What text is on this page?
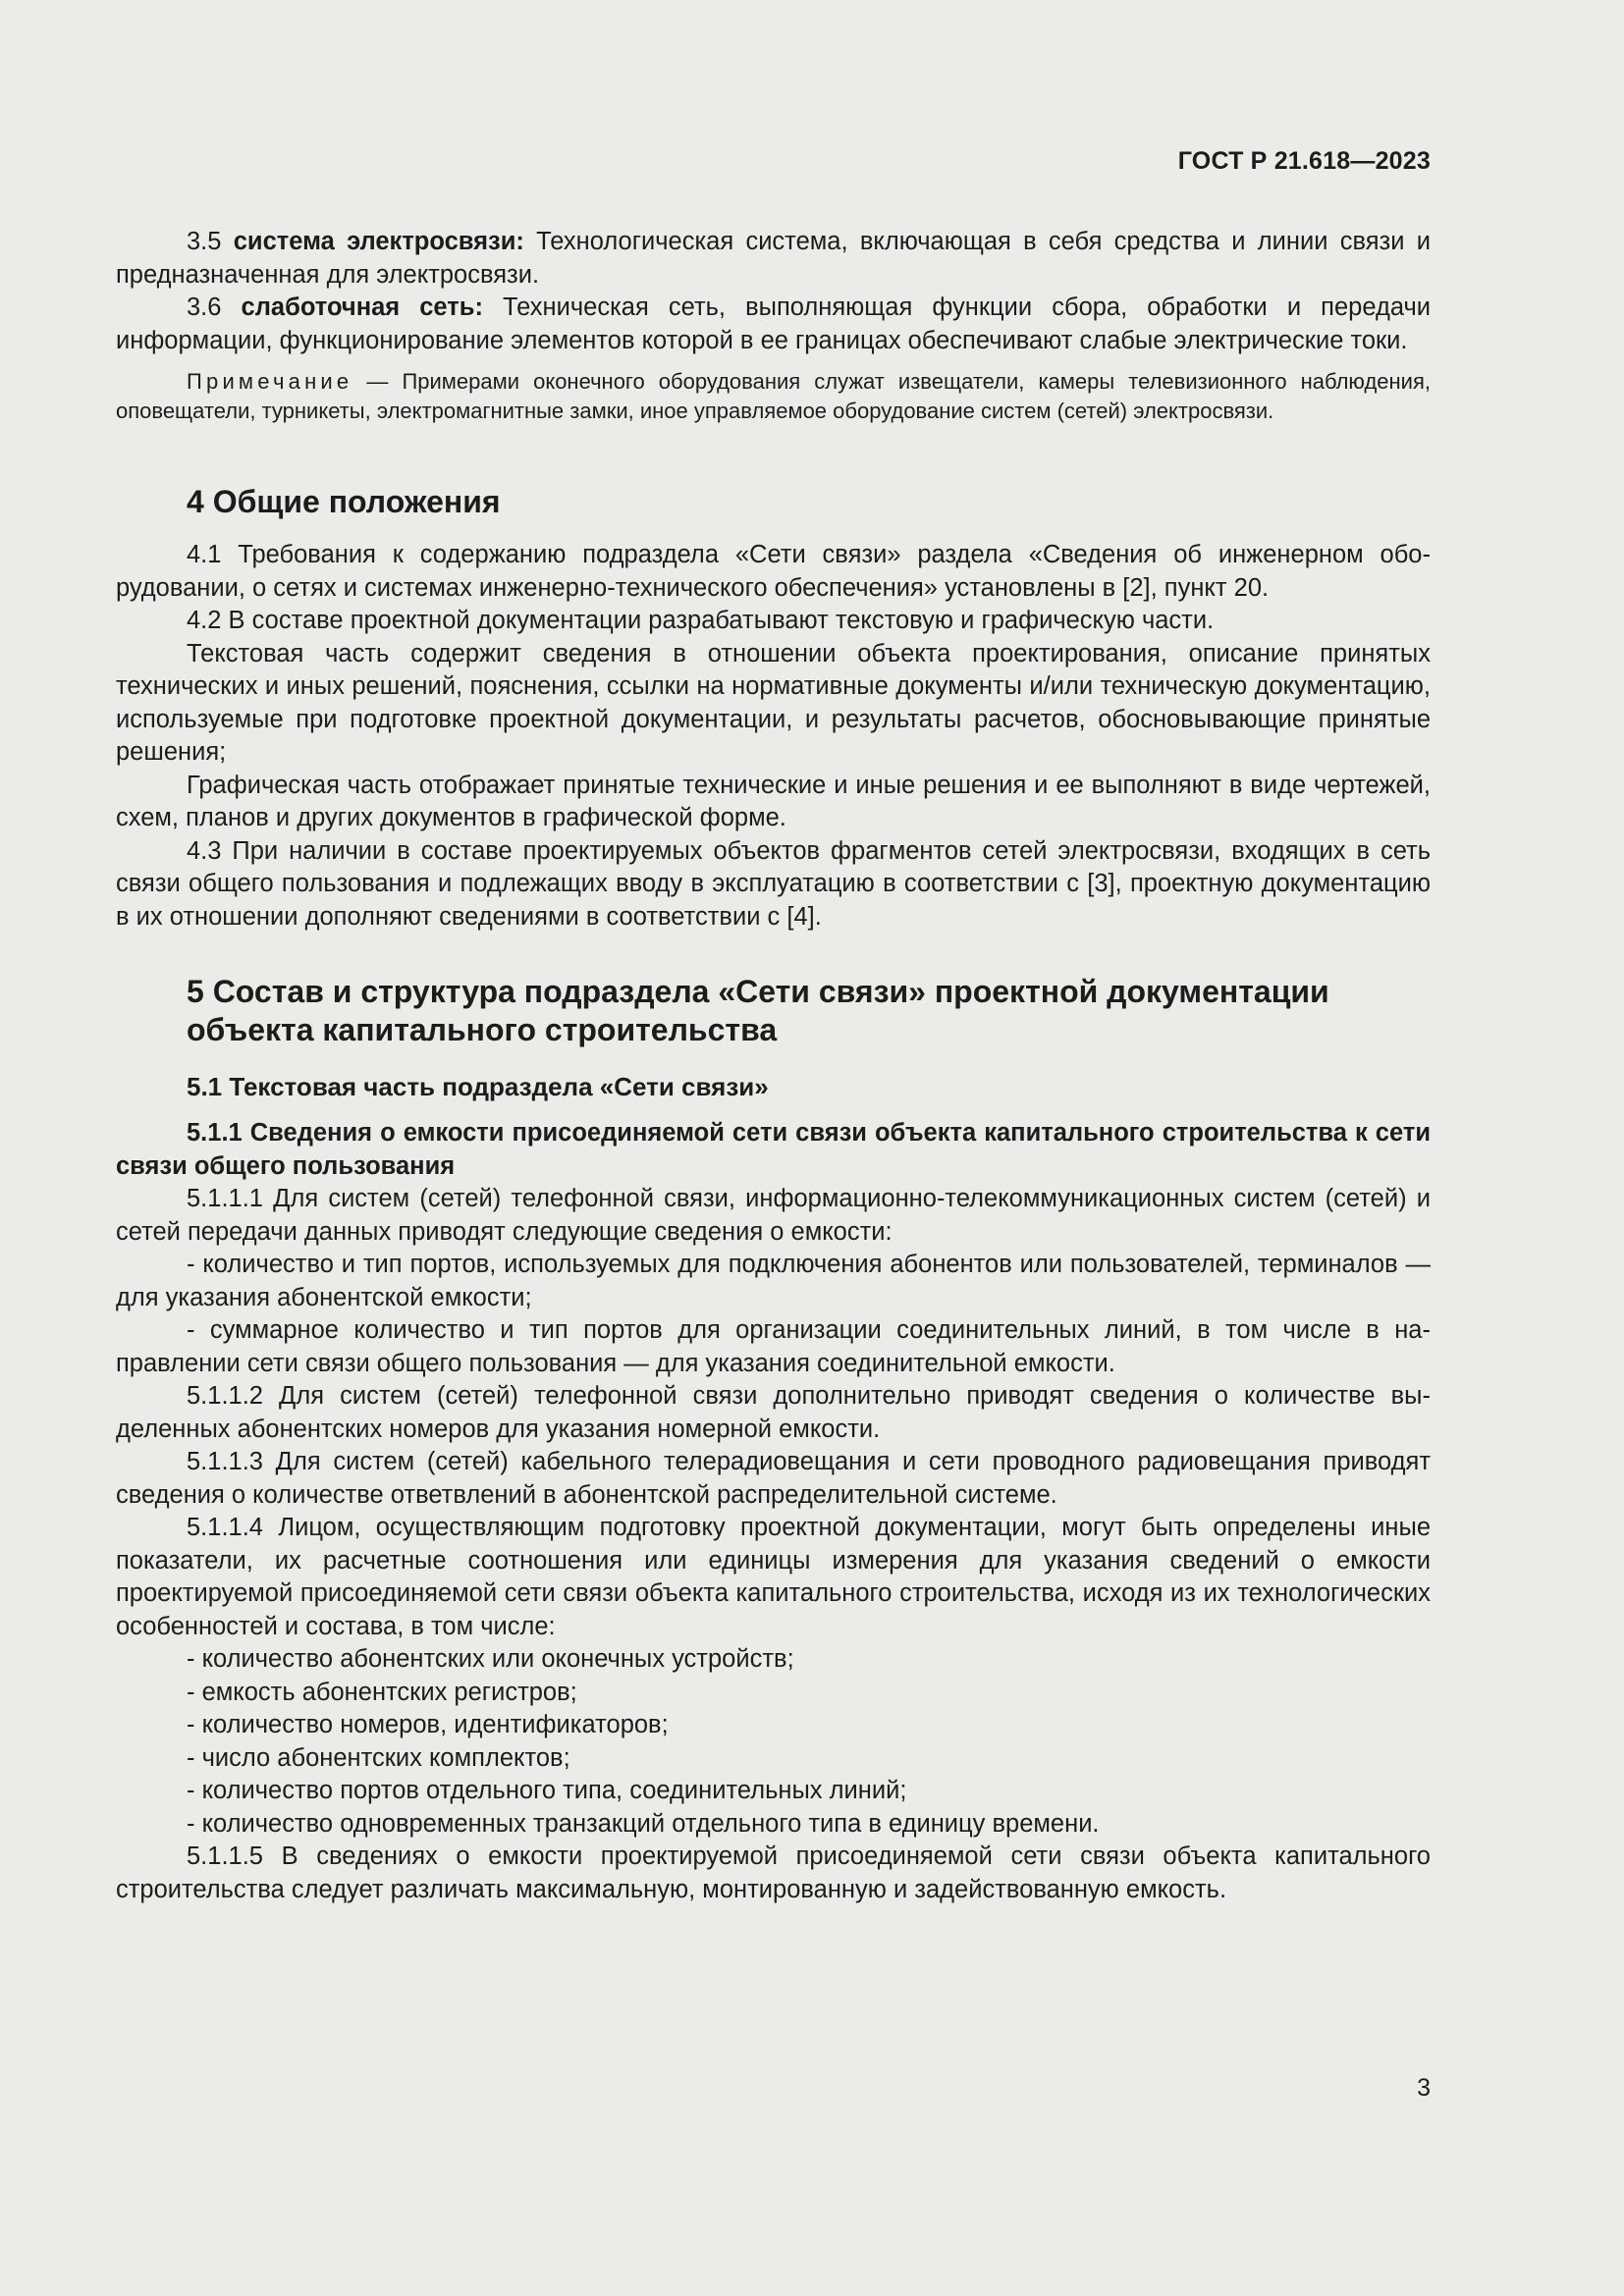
ГОСТ Р 21.618—2023

3.5 система электросвязи: Технологическая система, включающая в себя средства и линии связи и предназначенная для электросвязи.

3.6 слаботочная сеть: Техническая сеть, выполняющая функции сбора, обработки и передачи информации, функционирование элементов которой в ее границах обеспечивают слабые электрические токи.

Примечание — Примерами оконечного оборудования служат извещатели, камеры телевизионного наблюдения, оповещатели, турникеты, электромагнитные замки, иное управляемое оборудование систем (сетей) электросвязи.

4 Общие положения

4.1 Требования к содержанию подраздела «Сети связи» раздела «Сведения об инженерном оборудовании, о сетях и системах инженерно-технического обеспечения» установлены в [2], пункт 20.

4.2 В составе проектной документации разрабатывают текстовую и графическую части.

Текстовая часть содержит сведения в отношении объекта проектирования, описание принятых технических и иных решений, пояснения, ссылки на нормативные документы и/или техническую документацию, используемые при подготовке проектной документации, и результаты расчетов, обосновывающие принятые решения;

Графическая часть отображает принятые технические и иные решения и ее выполняют в виде чертежей, схем, планов и других документов в графической форме.

4.3 При наличии в составе проектируемых объектов фрагментов сетей электросвязи, входящих в сеть связи общего пользования и подлежащих вводу в эксплуатацию в соответствии с [3], проектную документацию в их отношении дополняют сведениями в соответствии с [4].

5 Состав и структура подраздела «Сети связи» проектной документации
объекта капитального строительства
5.1 Текстовая часть подраздела «Сети связи»

5.1.1 Сведения о емкости присоединяемой сети связи объекта капитального строительства к сети связи общего пользования

5.1.1.1 Для систем (сетей) телефонной связи, информационно-телекоммуникационных систем (сетей) и сетей передачи данных приводят следующие сведения о емкости:

- количество и тип портов, используемых для подключения абонентов или пользователей, терминалов — для указания абонентской емкости;

- суммарное количество и тип портов для организации соединительных линий, в том числе в направлении сети связи общего пользования — для указания соединительной емкости.

5.1.1.2 Для систем (сетей) телефонной связи дополнительно приводят сведения о количестве выделенных абонентских номеров для указания номерной емкости.

5.1.1.3 Для систем (сетей) кабельного телерадиовещания и сети проводного радиовещания приводят сведения о количестве ответвлений в абонентской распределительной системе.

5.1.1.4 Лицом, осуществляющим подготовку проектной документации, могут быть определены иные показатели, их расчетные соотношения или единицы измерения для указания сведений о емкости проектируемой присоединяемой сети связи объекта капитального строительства, исходя из их технологических особенностей и состава, в том числе:

- количество абонентских или оконечных устройств;

- емкость абонентских регистров;

- количество номеров, идентификаторов;

- число абонентских комплектов;

- количество портов отдельного типа, соединительных линий;

- количество одновременных транзакций отдельного типа в единицу времени.

5.1.1.5 В сведениях о емкости проектируемой присоединяемой сети связи объекта капитального строительства следует различать максимальную, монтированную и задействованную емкость.

3
